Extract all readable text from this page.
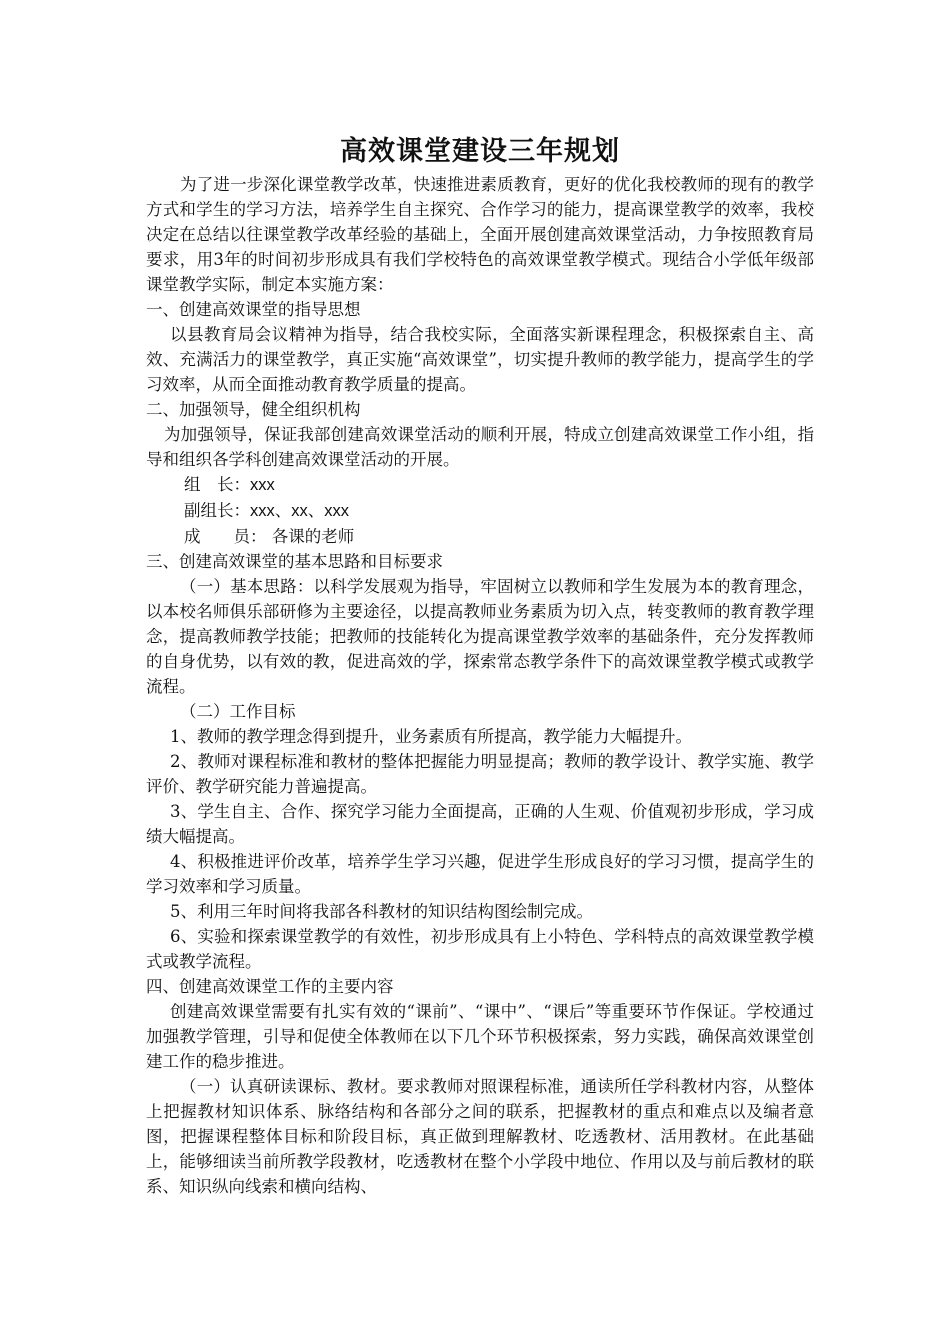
高效课堂建设三年规划

为了进一步深化课堂教学改革，快速推进素质教育，更好的优化我校教师的现有的教学方式和学生的学习方法，培养学生自主探究、合作学习的能力，提高课堂教学的效率，我校决定在总结以往课堂教学改革经验的基础上，全面开展创建高效课堂活动，力争按照教育局要求，用3年的时间初步形成具有我们学校特色的高效课堂教学模式。现结合小学低年级部课堂教学实际，制定本实施方案：

一、创建高效课堂的指导思想

以县教育局会议精神为指导，结合我校实际，全面落实新课程理念，积极探索自主、高效、充满活力的课堂教学，真正实施“高效课堂”，切实提升教师的教学能力，提高学生的学习效率，从而全面推动教育教学质量的提高。

二、加强领导，健全组织机构

为加强领导，保证我部创建高效课堂活动的顺利开展，特成立创建高效课堂工作小组，指导和组织各学科创建高效课堂活动的开展。

组　长：xxx
副组长：xxx、xx、xxx
成　　员： 各课的老师

三、创建高效课堂的基本思路和目标要求

（一）基本思路：以科学发展观为指导，牢固树立以教师和学生发展为本的教育理念，以本校名师俱乐部研修为主要途径，以提高教师业务素质为切入点，转变教师的教育教学理念，提高教师教学技能；把教师的技能转化为提高课堂教学效率的基础条件，充分发挥教师的自身优势，以有效的教，促进高效的学，探索常态教学条件下的高效课堂教学模式或教学流程。

（二）工作目标

1、教师的教学理念得到提升，业务素质有所提高，教学能力大幅提升。

2、教师对课程标准和教材的整体把握能力明显提高；教师的教学设计、教学实施、教学评价、教学研究能力普遍提高。

3、学生自主、合作、探究学习能力全面提高，正确的人生观、价值观初步形成，学习成绩大幅提高。

4、积极推进评价改革，培养学生学习兴趣，促进学生形成良好的学习习惯，提高学生的学习效率和学习质量。

5、利用三年时间将我部各科教材的知识结构图绘制完成。

6、实验和探索课堂教学的有效性，初步形成具有上小特色、学科特点的高效课堂教学模式或教学流程。

四、创建高效课堂工作的主要内容

创建高效课堂需要有扎实有效的“课前”、“课中”、“课后”等重要环节作保证。学校通过加强教学管理，引导和促使全体教师在以下几个环节积极探索，努力实践，确保高效课堂创建工作的稳步推进。

（一）认真研读课标、教材。要求教师对照课程标准，通读所任学科教材内容，从整体上把握教材知识体系、脉络结构和各部分之间的联系，把握教材的重点和难点以及编者意图，把握课程整体目标和阶段目标，真正做到理解教材、吃透教材、活用教材。在此基础上，能够细读当前所教学段教材，吃透教材在整个小学段中地位、作用以及与前后教材的联系、知识纵向线索和横向结构、
